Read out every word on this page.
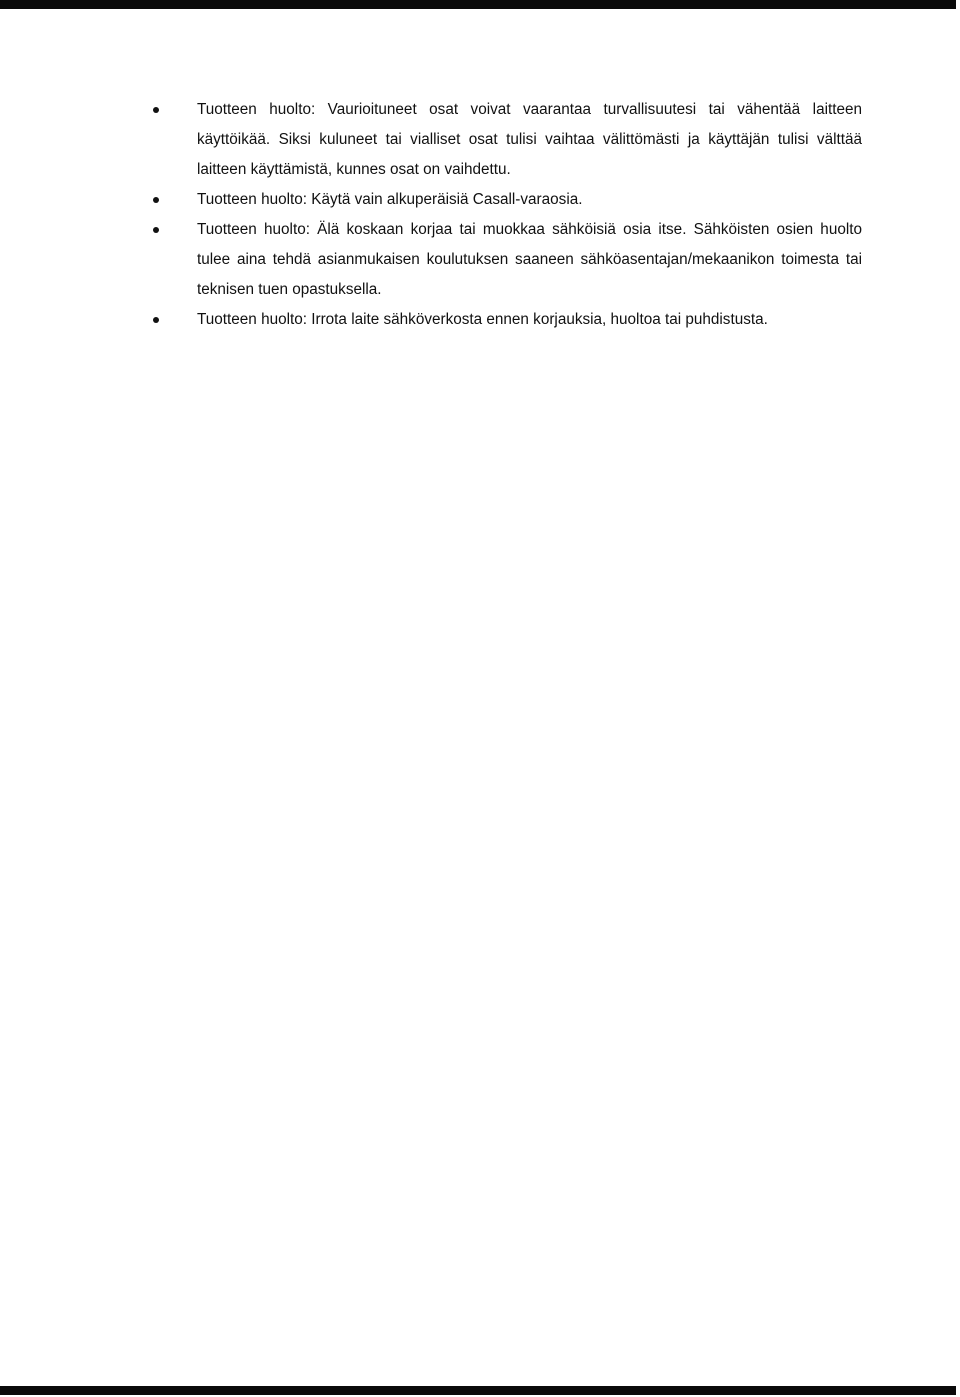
Tuotteen huolto: Vaurioituneet osat voivat vaarantaa turvallisuutesi tai vähentää laitteen käyttöikää. Siksi kuluneet tai vialliset osat tulisi vaihtaa välittömästi ja käyttäjän tulisi välttää laitteen käyttämistä, kunnes osat on vaihdettu.
Tuotteen huolto: Käytä vain alkuperäisiä Casall-varaosia.
Tuotteen huolto: Älä koskaan korjaa tai muokkaa sähköisiä osia itse. Sähköisten osien huolto tulee aina tehdä asianmukaisen koulutuksen saaneen sähköasentajan/mekaanikon toimesta tai teknisen tuen opastuksella.
Tuotteen huolto: Irrota laite sähköverkosta ennen korjauksia, huoltoa tai puhdistusta.
